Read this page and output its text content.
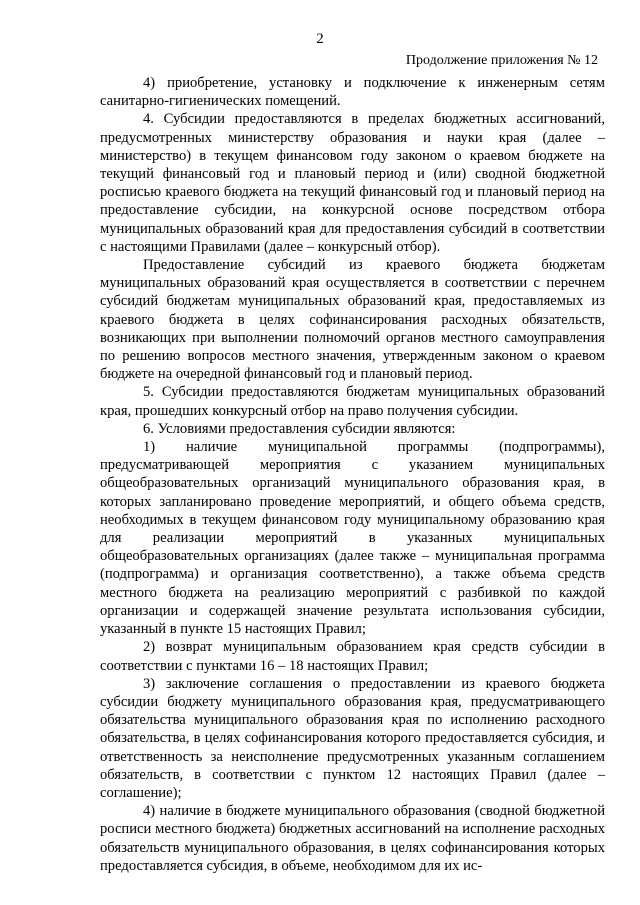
2
Продолжение приложения № 12

4) приобретение, установку и подключение к инженерным сетям санитарно-гигиенических помещений.

4. Субсидии предоставляются в пределах бюджетных ассигнований, предусмотренных министерству образования и науки края (далее – министерство) в текущем финансовом году законом о краевом бюджете на текущий финансовый год и плановый период и (или) сводной бюджетной росписью краевого бюджета на текущий финансовый год и плановый период на предоставление субсидии, на конкурсной основе посредством отбора муниципальных образований края для предоставления субсидий в соответствии с настоящими Правилами (далее – конкурсный отбор).

Предоставление субсидий из краевого бюджета бюджетам муниципальных образований края осуществляется в соответствии с перечнем субсидий бюджетам муниципальных образований края, предоставляемых из краевого бюджета в целях софинансирования расходных обязательств, возникающих при выполнении полномочий органов местного самоуправления по решению вопросов местного значения, утвержденным законом о краевом бюджете на очередной финансовый год и плановый период.

5. Субсидии предоставляются бюджетам муниципальных образований края, прошедших конкурсный отбор на право получения субсидии.

6. Условиями предоставления субсидии являются:

1) наличие муниципальной программы (подпрограммы), предусматривающей мероприятия с указанием муниципальных общеобразовательных организаций муниципального образования края, в которых запланировано проведение мероприятий, и общего объема средств, необходимых в текущем финансовом году муниципальному образованию края для реализации мероприятий в указанных муниципальных общеобразовательных организациях (далее также – муниципальная программа (подпрограмма) и организация соответственно), а также объема средств местного бюджета на реализацию мероприятий с разбивкой по каждой организации и содержащей значение результата использования субсидии, указанный в пункте 15 настоящих Правил;

2) возврат муниципальным образованием края средств субсидии в соответствии с пунктами 16 – 18 настоящих Правил;

3) заключение соглашения о предоставлении из краевого бюджета субсидии бюджету муниципального образования края, предусматривающего обязательства муниципального образования края по исполнению расходного обязательства, в целях софинансирования которого предоставляется субсидия, и ответственность за неисполнение предусмотренных указанным соглашением обязательств, в соответствии с пунктом 12 настоящих Правил (далее – соглашение);

4) наличие в бюджете муниципального образования (сводной бюджетной росписи местного бюджета) бюджетных ассигнований на исполнение расходных обязательств муниципального образования, в целях софинансирования которых предоставляется субсидия, в объеме, необходимом для их ис-
